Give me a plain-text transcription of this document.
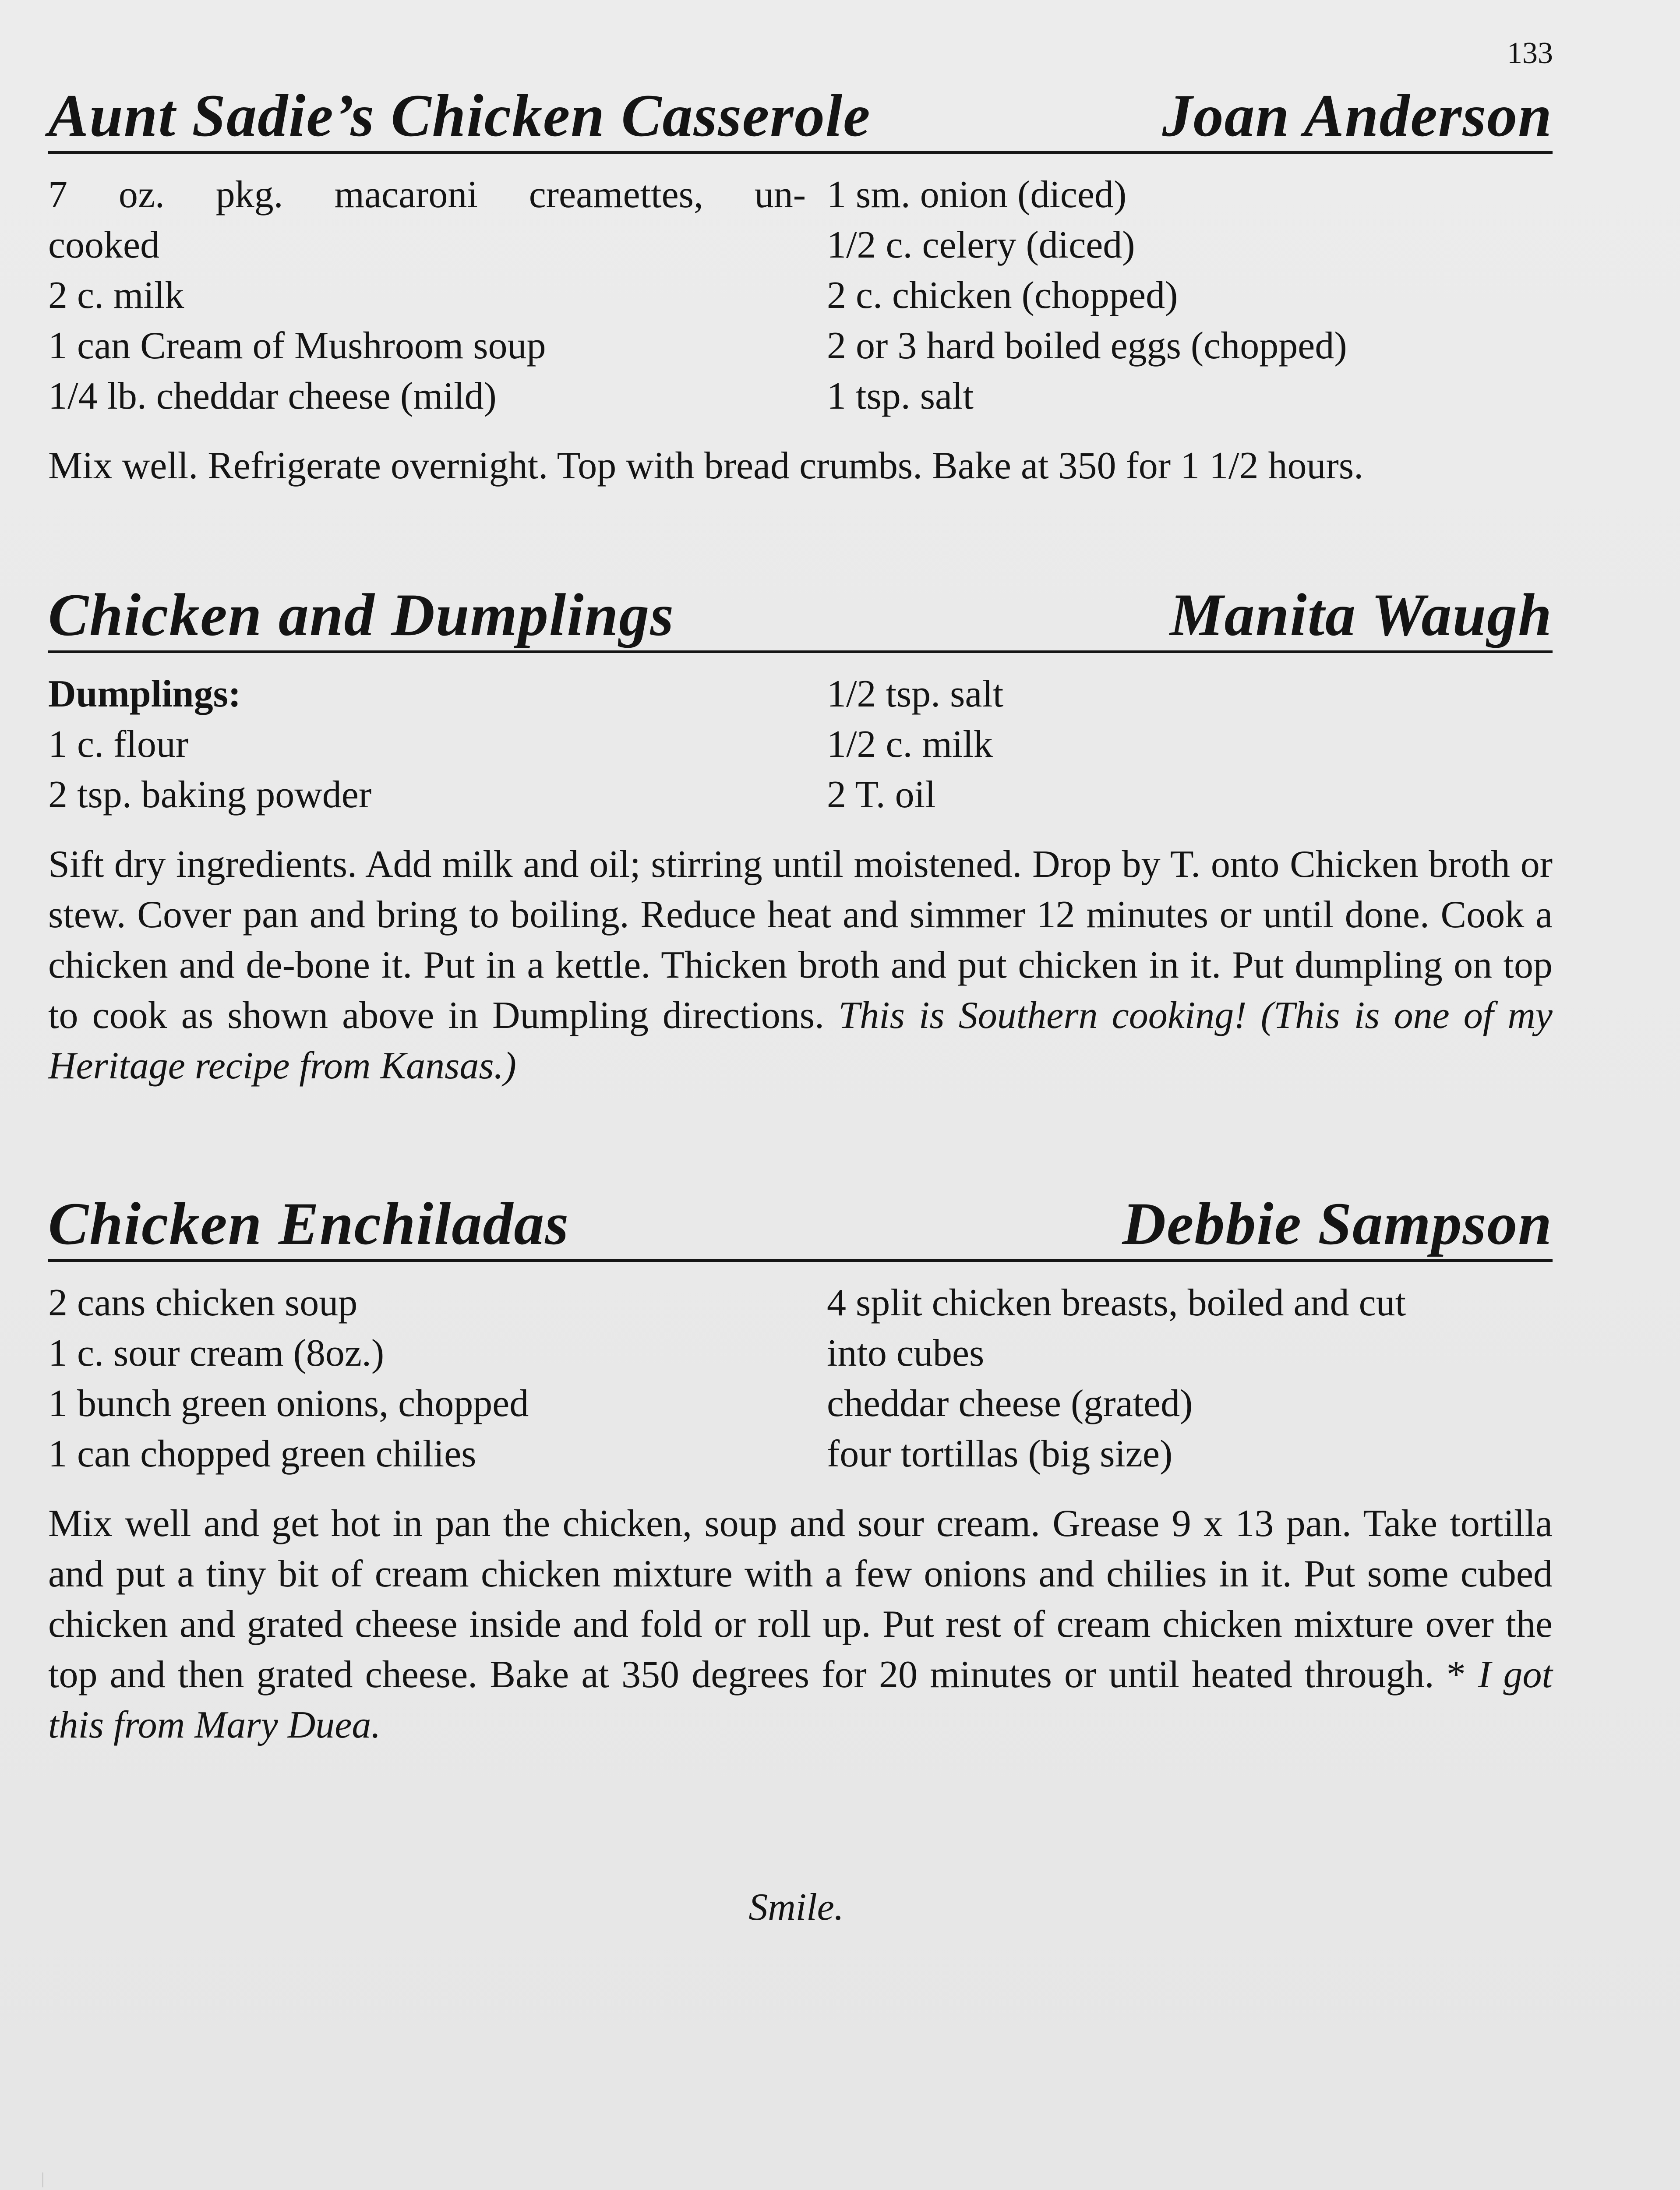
133
Aunt Sadie’s Chicken Casserole	Joan Anderson
7 oz. pkg. macaroni creamettes, un-
cooked
2 c. milk
1 can Cream of Mushroom soup
1/4 lb. cheddar cheese (mild)
1 sm. onion (diced)
1/2 c. celery (diced)
2 c. chicken (chopped)
2 or 3 hard boiled eggs (chopped)
1 tsp. salt

Mix well. Refrigerate overnight. Top with bread crumbs. Bake at 350 for 1 1/2 hours.

Chicken and Dumplings	Manita Waugh
Dumplings:
1 c. flour
2 tsp. baking powder
1/2 tsp. salt
1/2 c. milk
2 T. oil

Sift dry ingredients. Add milk and oil; stirring until moistened. Drop by T. onto Chicken broth or stew. Cover pan and bring to boiling. Reduce heat and simmer 12 minutes or until done. Cook a chicken and de-bone it. Put in a kettle. Thicken broth and put chicken in it. Put dumpling on top to cook as shown above in Dumpling directions. This is Southern cooking! (This is one of my Heritage recipe from Kansas.)

Chicken Enchiladas	Debbie Sampson
2 cans chicken soup
1 c. sour cream (8oz.)
1 bunch green onions, chopped
1 can chopped green chilies
4 split chicken breasts, boiled and cut
into cubes
cheddar cheese (grated)
four tortillas (big size)

Mix well and get hot in pan the chicken, soup and sour cream. Grease 9 x 13 pan. Take tortilla and put a tiny bit of cream chicken mixture with a few onions and chilies in it. Put some cubed chicken and grated cheese inside and fold or roll up. Put rest of cream chicken mixture over the top and then grated cheese. Bake at 350 degrees for 20 minutes or until heated through. * I got this from Mary Duea.

Smile.
